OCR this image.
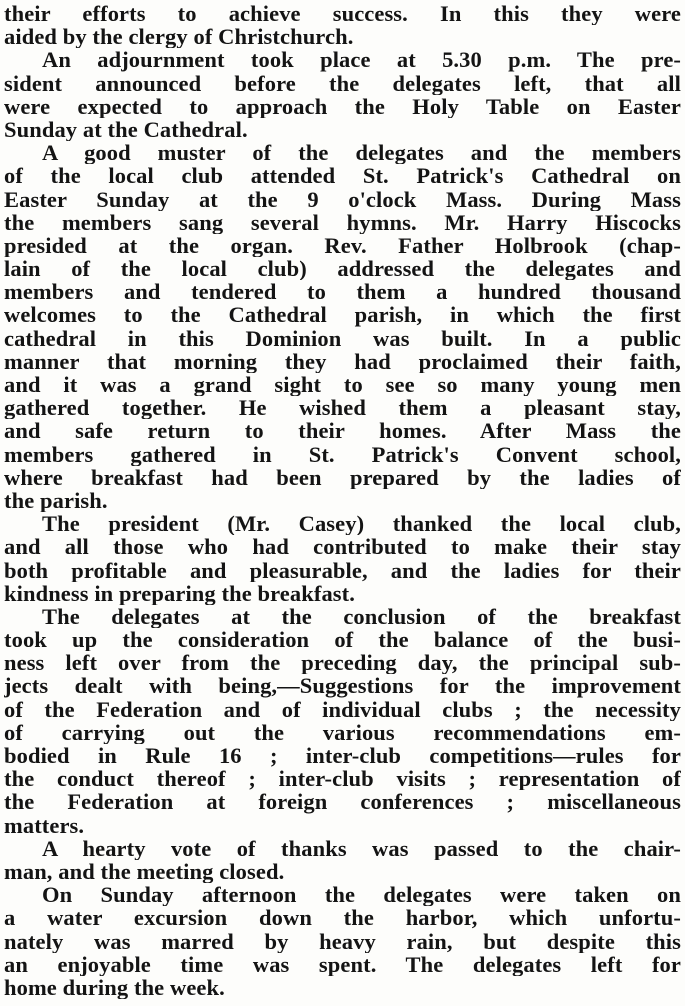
their efforts to achieve success. In this they were
aided by the clergy of Christchurch.
An adjournment took place at 5.30 p.m. The pre-
sident announced before the delegates left, that all
were expected to approach the Holy Table on Easter
Sunday at the Cathedral.
A good muster of the delegates and the members
of the local club attended St. Patrick's Cathedral on
Easter Sunday at the 9 o'clock Mass. During Mass
the members sang several hymns. Mr. Harry Hiscocks
presided at the organ. Rev. Father Holbrook (chap-
lain of the local club) addressed the delegates and
members and tendered to them a hundred thousand
welcomes to the Cathedral parish, in which the first
cathedral in this Dominion was built. In a public
manner that morning they had proclaimed their faith,
and it was a grand sight to see so many young men
gathered together. He wished them a pleasant stay,
and safe return to their homes. After Mass the
members gathered in St. Patrick's Convent school,
where breakfast had been prepared by the ladies of
the parish.
The president (Mr. Casey) thanked the local club,
and all those who had contributed to make their stay
both profitable and pleasurable, and the ladies for their
kindness in preparing the breakfast.
The delegates at the conclusion of the breakfast
took up the consideration of the balance of the busi-
ness left over from the preceding day, the principal sub-
jects dealt with being,—Suggestions for the improvement
of the Federation and of individual clubs ; the necessity
of carrying out the various recommendations em-
bodied in Rule 16 ; inter-club competitions—rules for
the conduct thereof ; inter-club visits ; representation of
the Federation at foreign conferences ; miscellaneous
matters.
A hearty vote of thanks was passed to the chair-
man, and the meeting closed.
On Sunday afternoon the delegates were taken on
a water excursion down the harbor, which unfortu-
nately was marred by heavy rain, but despite this
an enjoyable time was spent. The delegates left for
home during the week.
